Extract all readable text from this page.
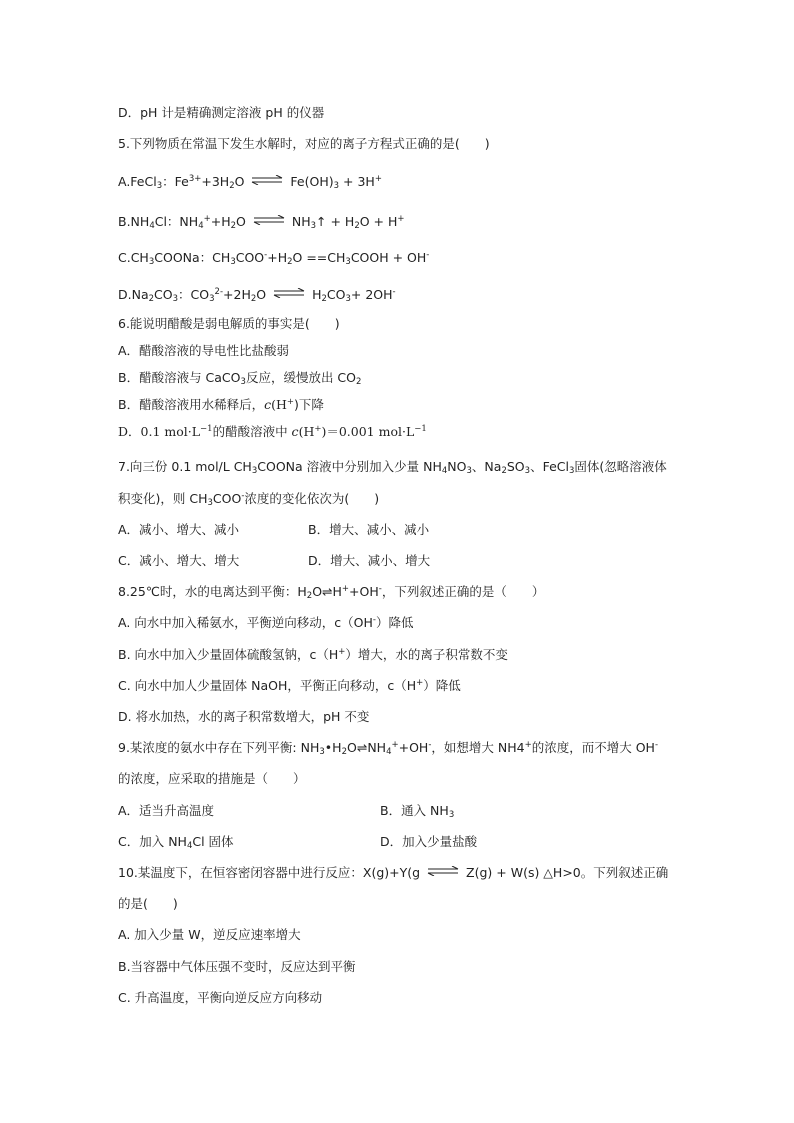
D．pH 计是精确测定溶液 pH 的仪器
5.下列物质在常温下发生水解时，对应的离子方程式正确的是(　　)
A.FeCl$_3$：$Fe^{3+}+3H_2O$ ⇌ $Fe(OH)_3 + 3H^+$
$B.NH_4Cl$：$NH_4^++H_2O$ ⇌ $NH_3↑ + H_2O + H^+$
$C.CH_3COONa$：$CH_3COO^-+H_2O$ $==CH_3COOH + OH^-$
$D.Na_2CO_3$：$CO_3^{2-}+2H_2O$ ⇌ $H_2CO_3+ 2OH^-$
6.能说明醋酸是弱电解质的事实是(　　)
A．醋酸溶液的导电性比盐酸弱
B．醋酸溶液与 CaCO$_3$反应，缓慢放出 $CO_2$
B．醋酸溶液用水稀释后，c(H+)下降
D．0.1 $mol\cdot L^{-1}$的醋酸溶液中 c(H+)＝0.001 $mol\cdot L^{-1}$
7.向三份 0.1 mol/L $CH_3COONa$ 溶液中分别加入少量 $NH_4NO_3$、$Na_2SO_3$、FeCl$_3$固体(忽略溶液体
积变化)，则 $CH_3COO^-$浓度的变化依次为(　　)
A．减小、增大、减小	B．增大、减小、减小
C．减小、增大、增大	D．增大、减小、增大
8.25℃时，水的电离达到平衡：$H_2O\rightleftharpoons H^++OH^-$，下列叙述正确的是（　　）
A. 向水中加入稀氨水，平衡逆向移动，c（OH-）降低
B. 向水中加入少量固体硫酸氢钠，c（H+）增大，水的离子积常数不变
C. 向水中加人少量固体 NaOH，平衡正向移动，c（H+）降低
D. 将水加热，水的离子积常数增大，pH 不变
9.某浓度的氨水中存在下列平衡: $NH_3•H_2O\rightleftharpoons NH_4^++OH^-$，如想增大 NH4+的浓度，而不增大 OH-
的浓度，应采取的措施是（　　）
A．适当升高温度	B．通入 $NH_3$
C．加入 $NH_4Cl$ 固体	D．加入少量盐酸
10.某温度下，在恒容密闭容器中进行反应：X(g)+Y(g ⇌ Z(g) + W(s) △H>0。下列叙述正确
的是(　　)
A. 加入少量 W，逆反应速率增大
B.当容器中气体压强不变时，反应达到平衡
C. 升高温度，平衡向逆反应方向移动
